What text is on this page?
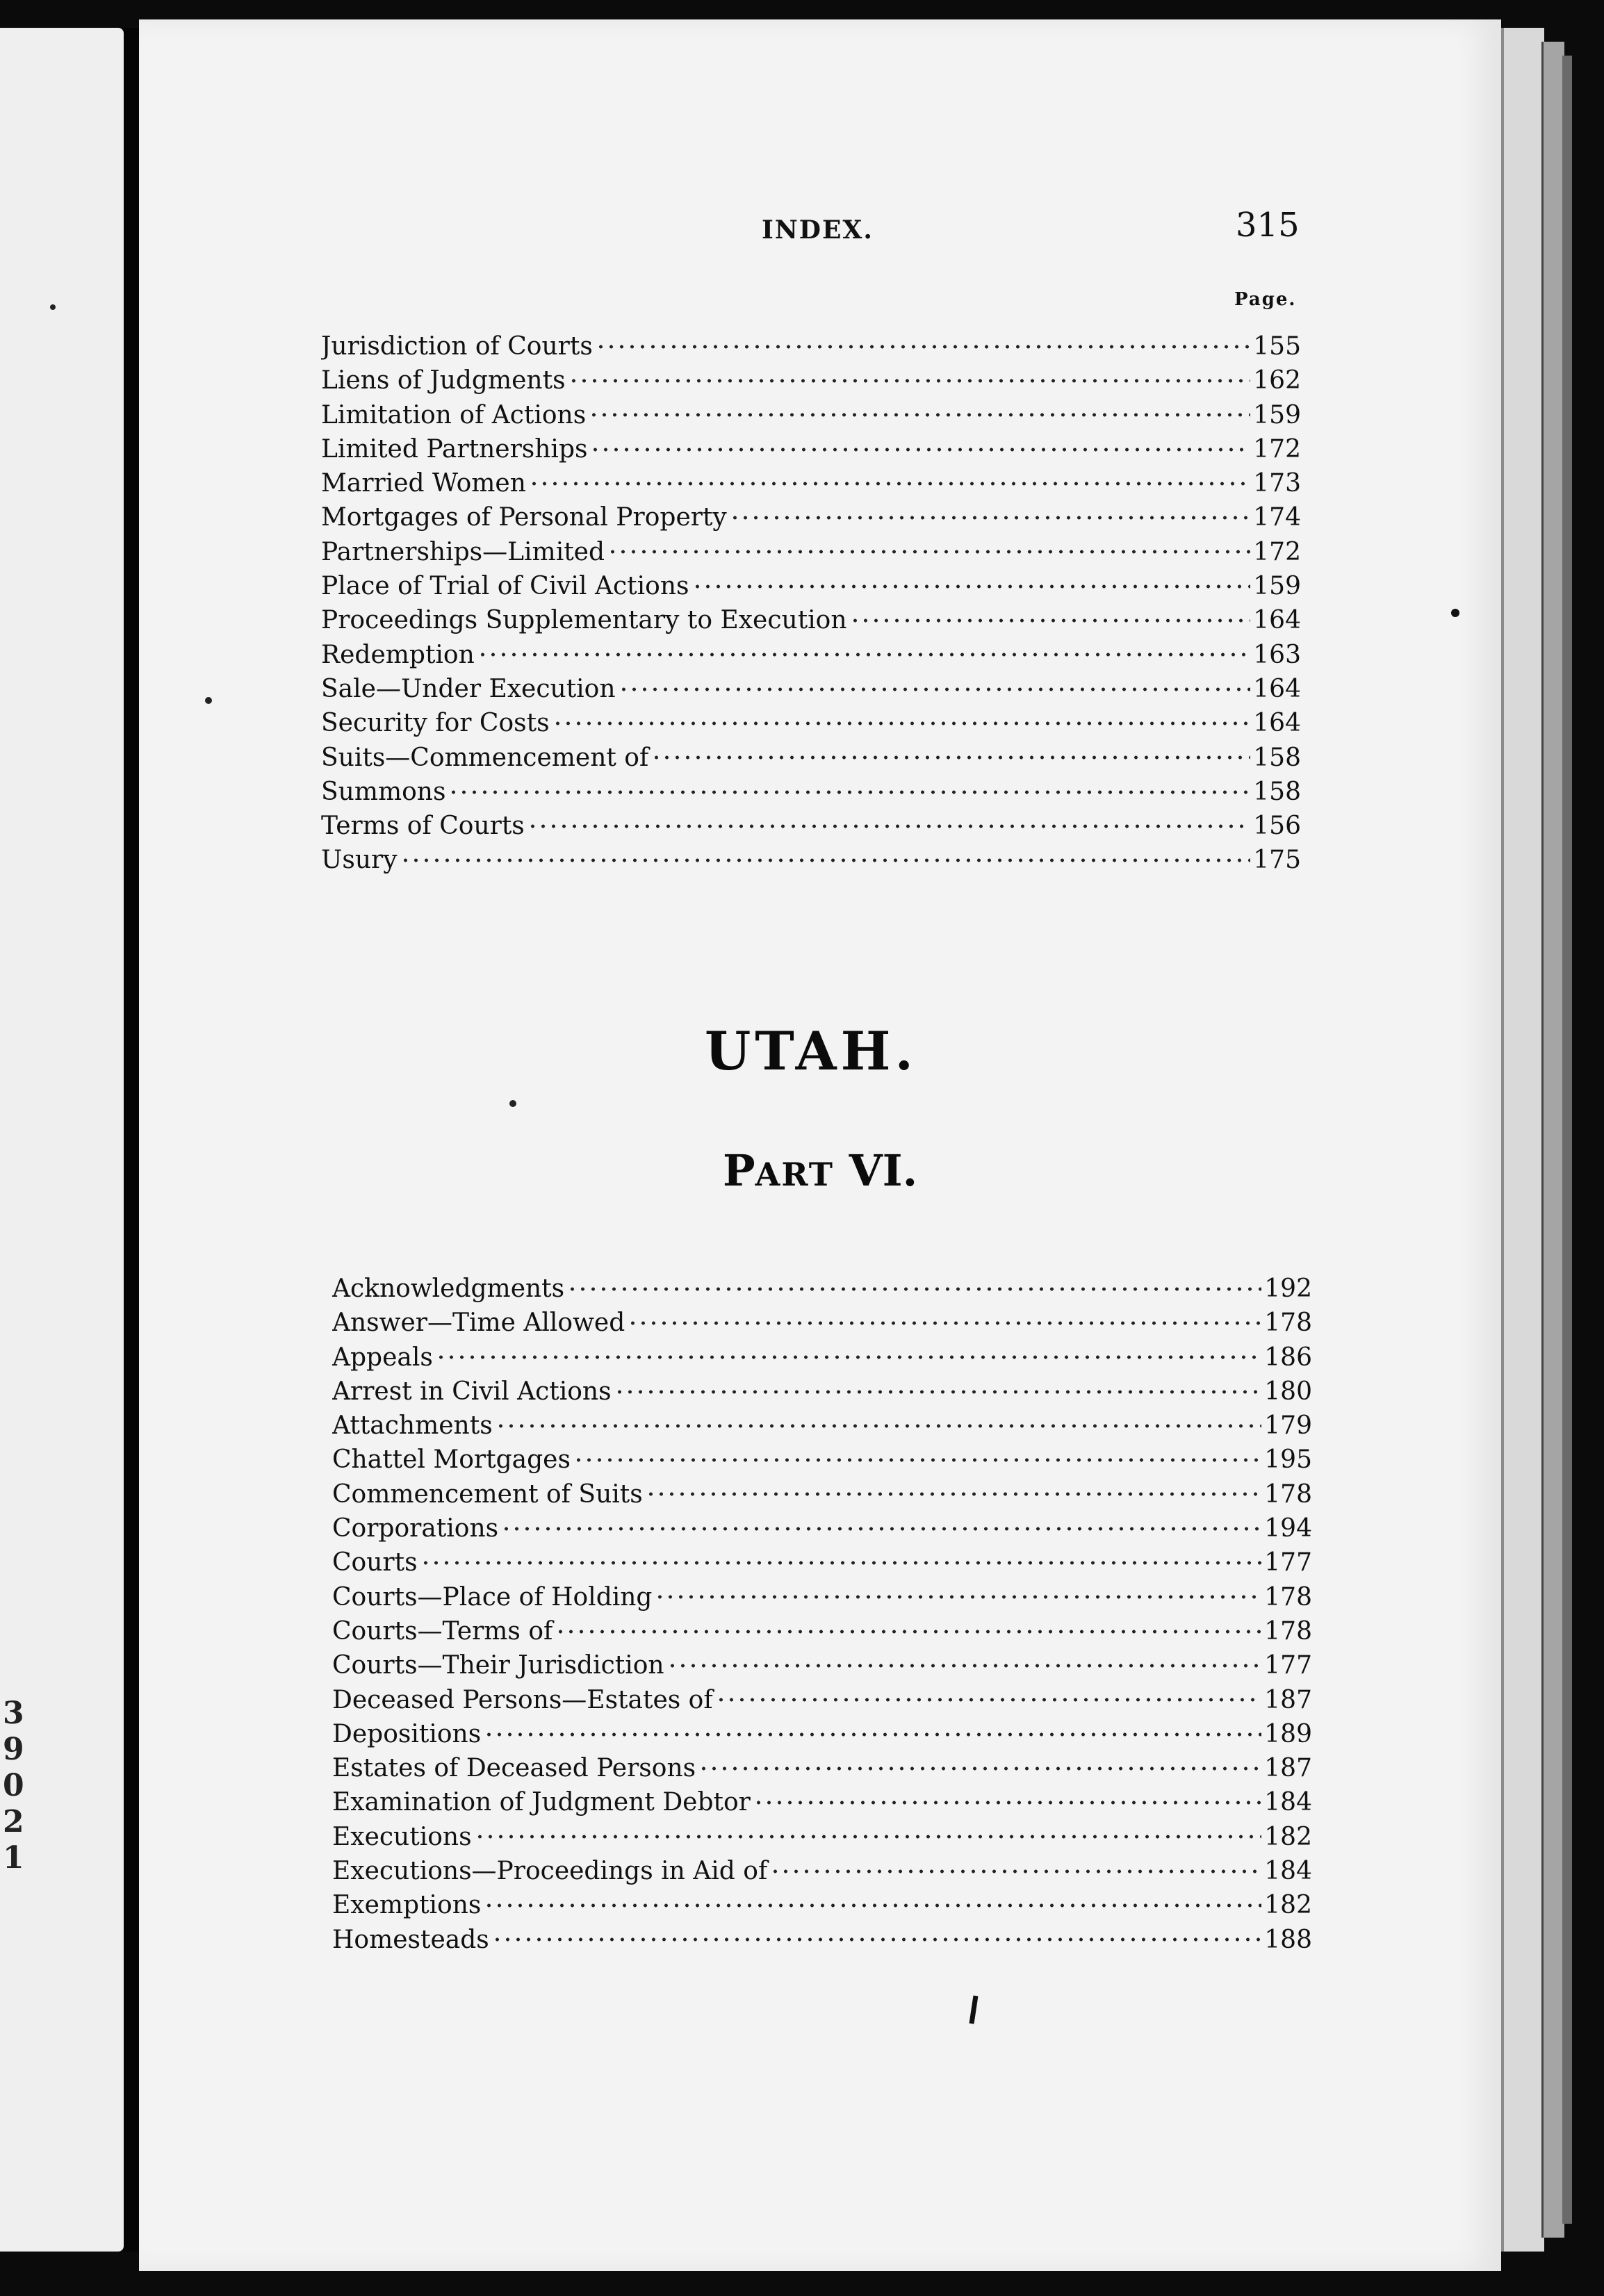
3
9
0
2
1
INDEX.	315
Page.
Jurisdiction of Courts	155
Liens of Judgments	162
Limitation of Actions	159
Limited Partnerships	172
Married Women	173
Mortgages of Personal Property	174
Partnerships—Limited	172
Place of Trial of Civil Actions	159
Proceedings Supplementary to Execution	164
Redemption	163
Sale—Under Execution	164
Security for Costs	164
Suits—Commencement of	158
Summons	158
Terms of Courts	156
Usury	175
UTAH.
PART VI.
Acknowledgments	192
Answer—Time Allowed	178
Appeals	186
Arrest in Civil Actions	180
Attachments	179
Chattel Mortgages	195
Commencement of Suits	178
Corporations	194
Courts	177
Courts—Place of Holding	178
Courts—Terms of	178
Courts—Their Jurisdiction	177
Deceased Persons—Estates of	187
Depositions	189
Estates of Deceased Persons	187
Examination of Judgment Debtor	184
Executions	182
Executions—Proceedings in Aid of	184
Exemptions	182
Homesteads	188
